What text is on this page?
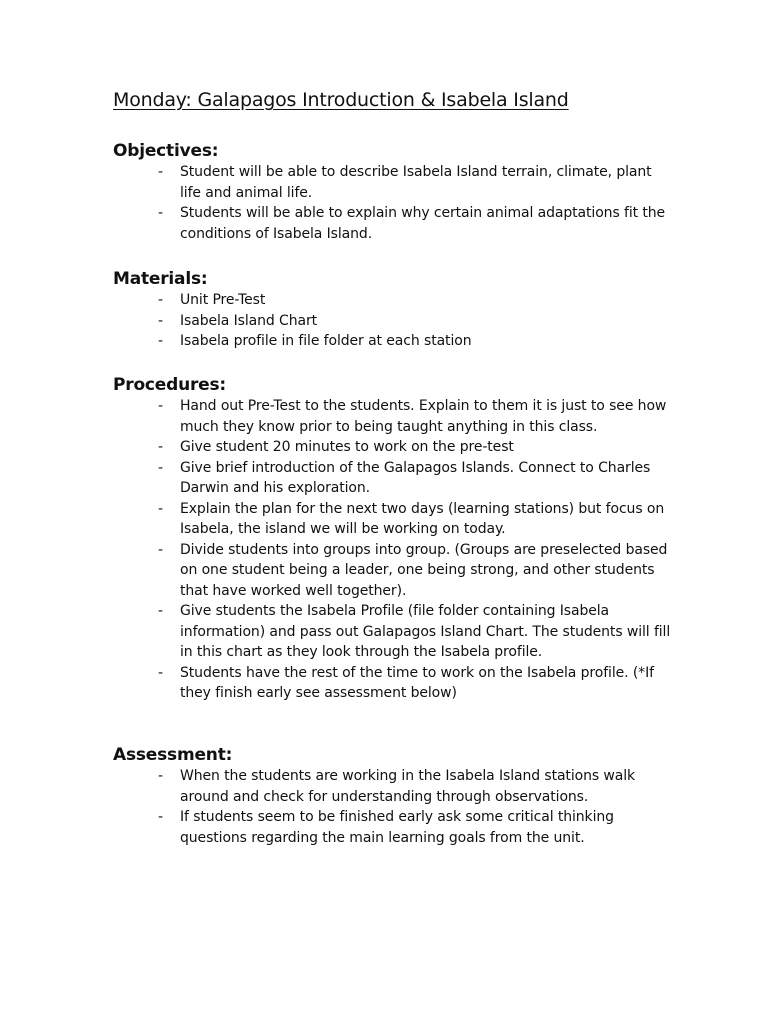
Monday: Galapagos Introduction & Isabela Island
Objectives:
- Student will be able to describe Isabela Island terrain, climate, plant life and animal life.
- Students will be able to explain why certain animal adaptations fit the conditions of Isabela Island.
Materials:
- Unit Pre-Test
- Isabela Island Chart
- Isabela profile in file folder at each station
Procedures:
- Hand out Pre-Test to the students. Explain to them it is just to see how much they know prior to being taught anything in this class.
- Give student 20 minutes to work on the pre-test
- Give brief introduction of the Galapagos Islands. Connect to Charles Darwin and his exploration.
- Explain the plan for the next two days (learning stations) but focus on Isabela, the island we will be working on today.
- Divide students into groups into group. (Groups are preselected based on one student being a leader, one being strong, and other students that have worked well together).
- Give students the Isabela Profile (file folder containing Isabela information) and pass out Galapagos Island Chart. The students will fill in this chart as they look through the Isabela profile.
- Students have the rest of the time to work on the Isabela profile. (*If they finish early see assessment below)
Assessment:
- When the students are working in the Isabela Island stations walk around and check for understanding through observations.
- If students seem to be finished early ask some critical thinking questions regarding the main learning goals from the unit.
